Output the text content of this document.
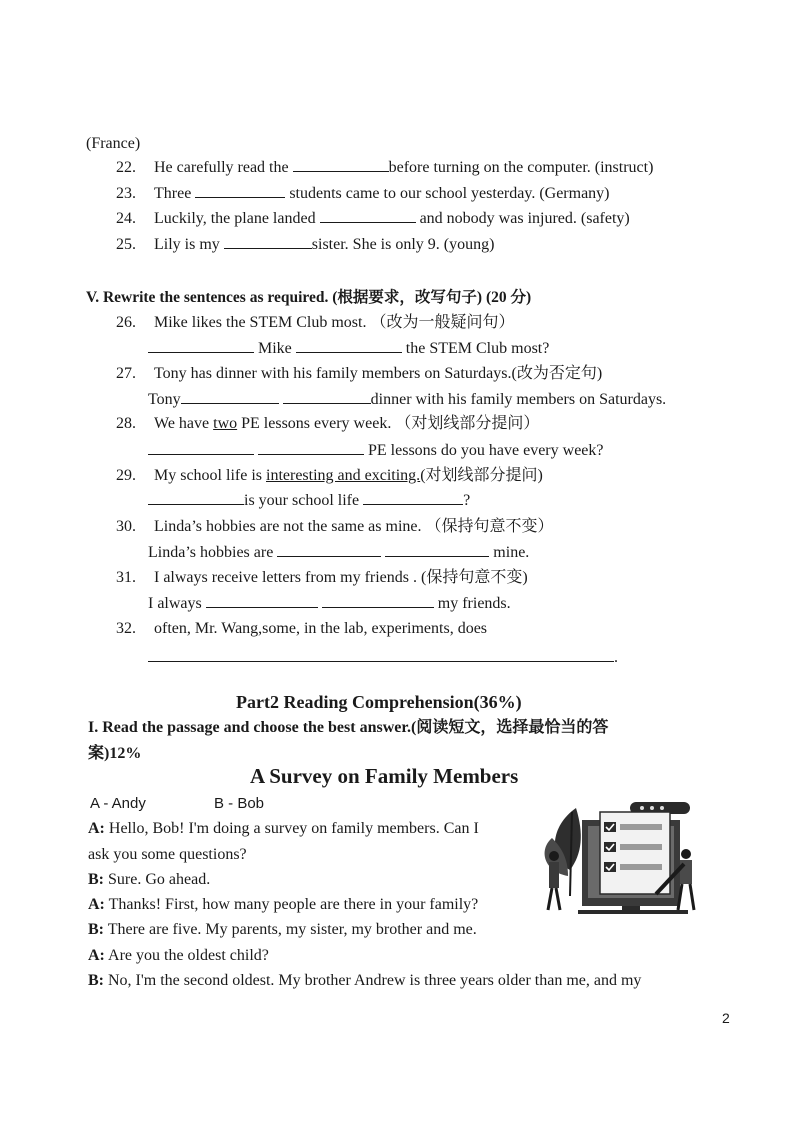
(France)
22. He carefully read the	before turning on the computer. (instruct)
23. Three	students came to our school yesterday. (Germany)
24. Luckily, the plane landed	and nobody was injured. (safety)
25. Lily is my	sister. She is only 9. (young)
V. Rewrite the sentences as required. (根据要求，改写句子) (20 分)
26. Mike likes the STEM Club most. （改为一般疑问句）
Mike	the STEM Club most?
27. Tony has dinner with his family members on Saturdays.(改为否定句)
Tony	dinner with his family members on Saturdays.
28. We have two PE lessons every week. （对划线部分提问）
PE lessons do you have every week?
29. My school life is interesting and exciting.(对划线部分提问)
is your school life	?
30. Linda’s hobbies are not the same as mine. （保持句意不变）
Linda’s hobbies are	mine.
31. I always receive letters from my friends . (保持句意不变)
I always	my friends.
32. often, Mr. Wang,some, in the lab, experiments, does
.
Part2 Reading Comprehension(36%)
I. Read the passage and choose the best answer.(阅读短文，选择最恰当的答
案)12%
A Survey on Family Members
A - Andy	B - Bob
A: Hello, Bob! I'm doing a survey on family members. Can I
ask you some questions?
B: Sure. Go ahead.
A: Thanks! First, how many people are there in your family?
B: There are five. My parents, my sister, my brother and me.
A: Are you the oldest child?
B: No, I'm the second oldest. My brother Andrew is three years older than me, and my
2
